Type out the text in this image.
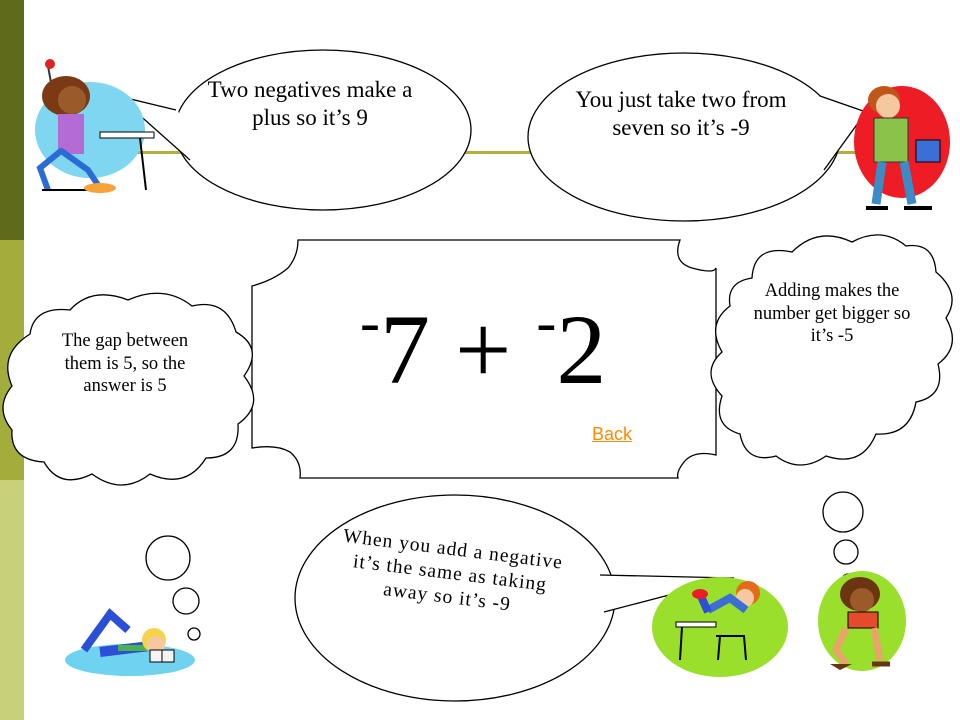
Two negatives make a plus so it’s 9
You just take two from seven so it’s -9
The gap between them is 5, so the answer is 5
Adding makes the number get bigger so it’s -5
When you add a negative it’s the same as taking away so it’s -9
-7 + -2
Back
